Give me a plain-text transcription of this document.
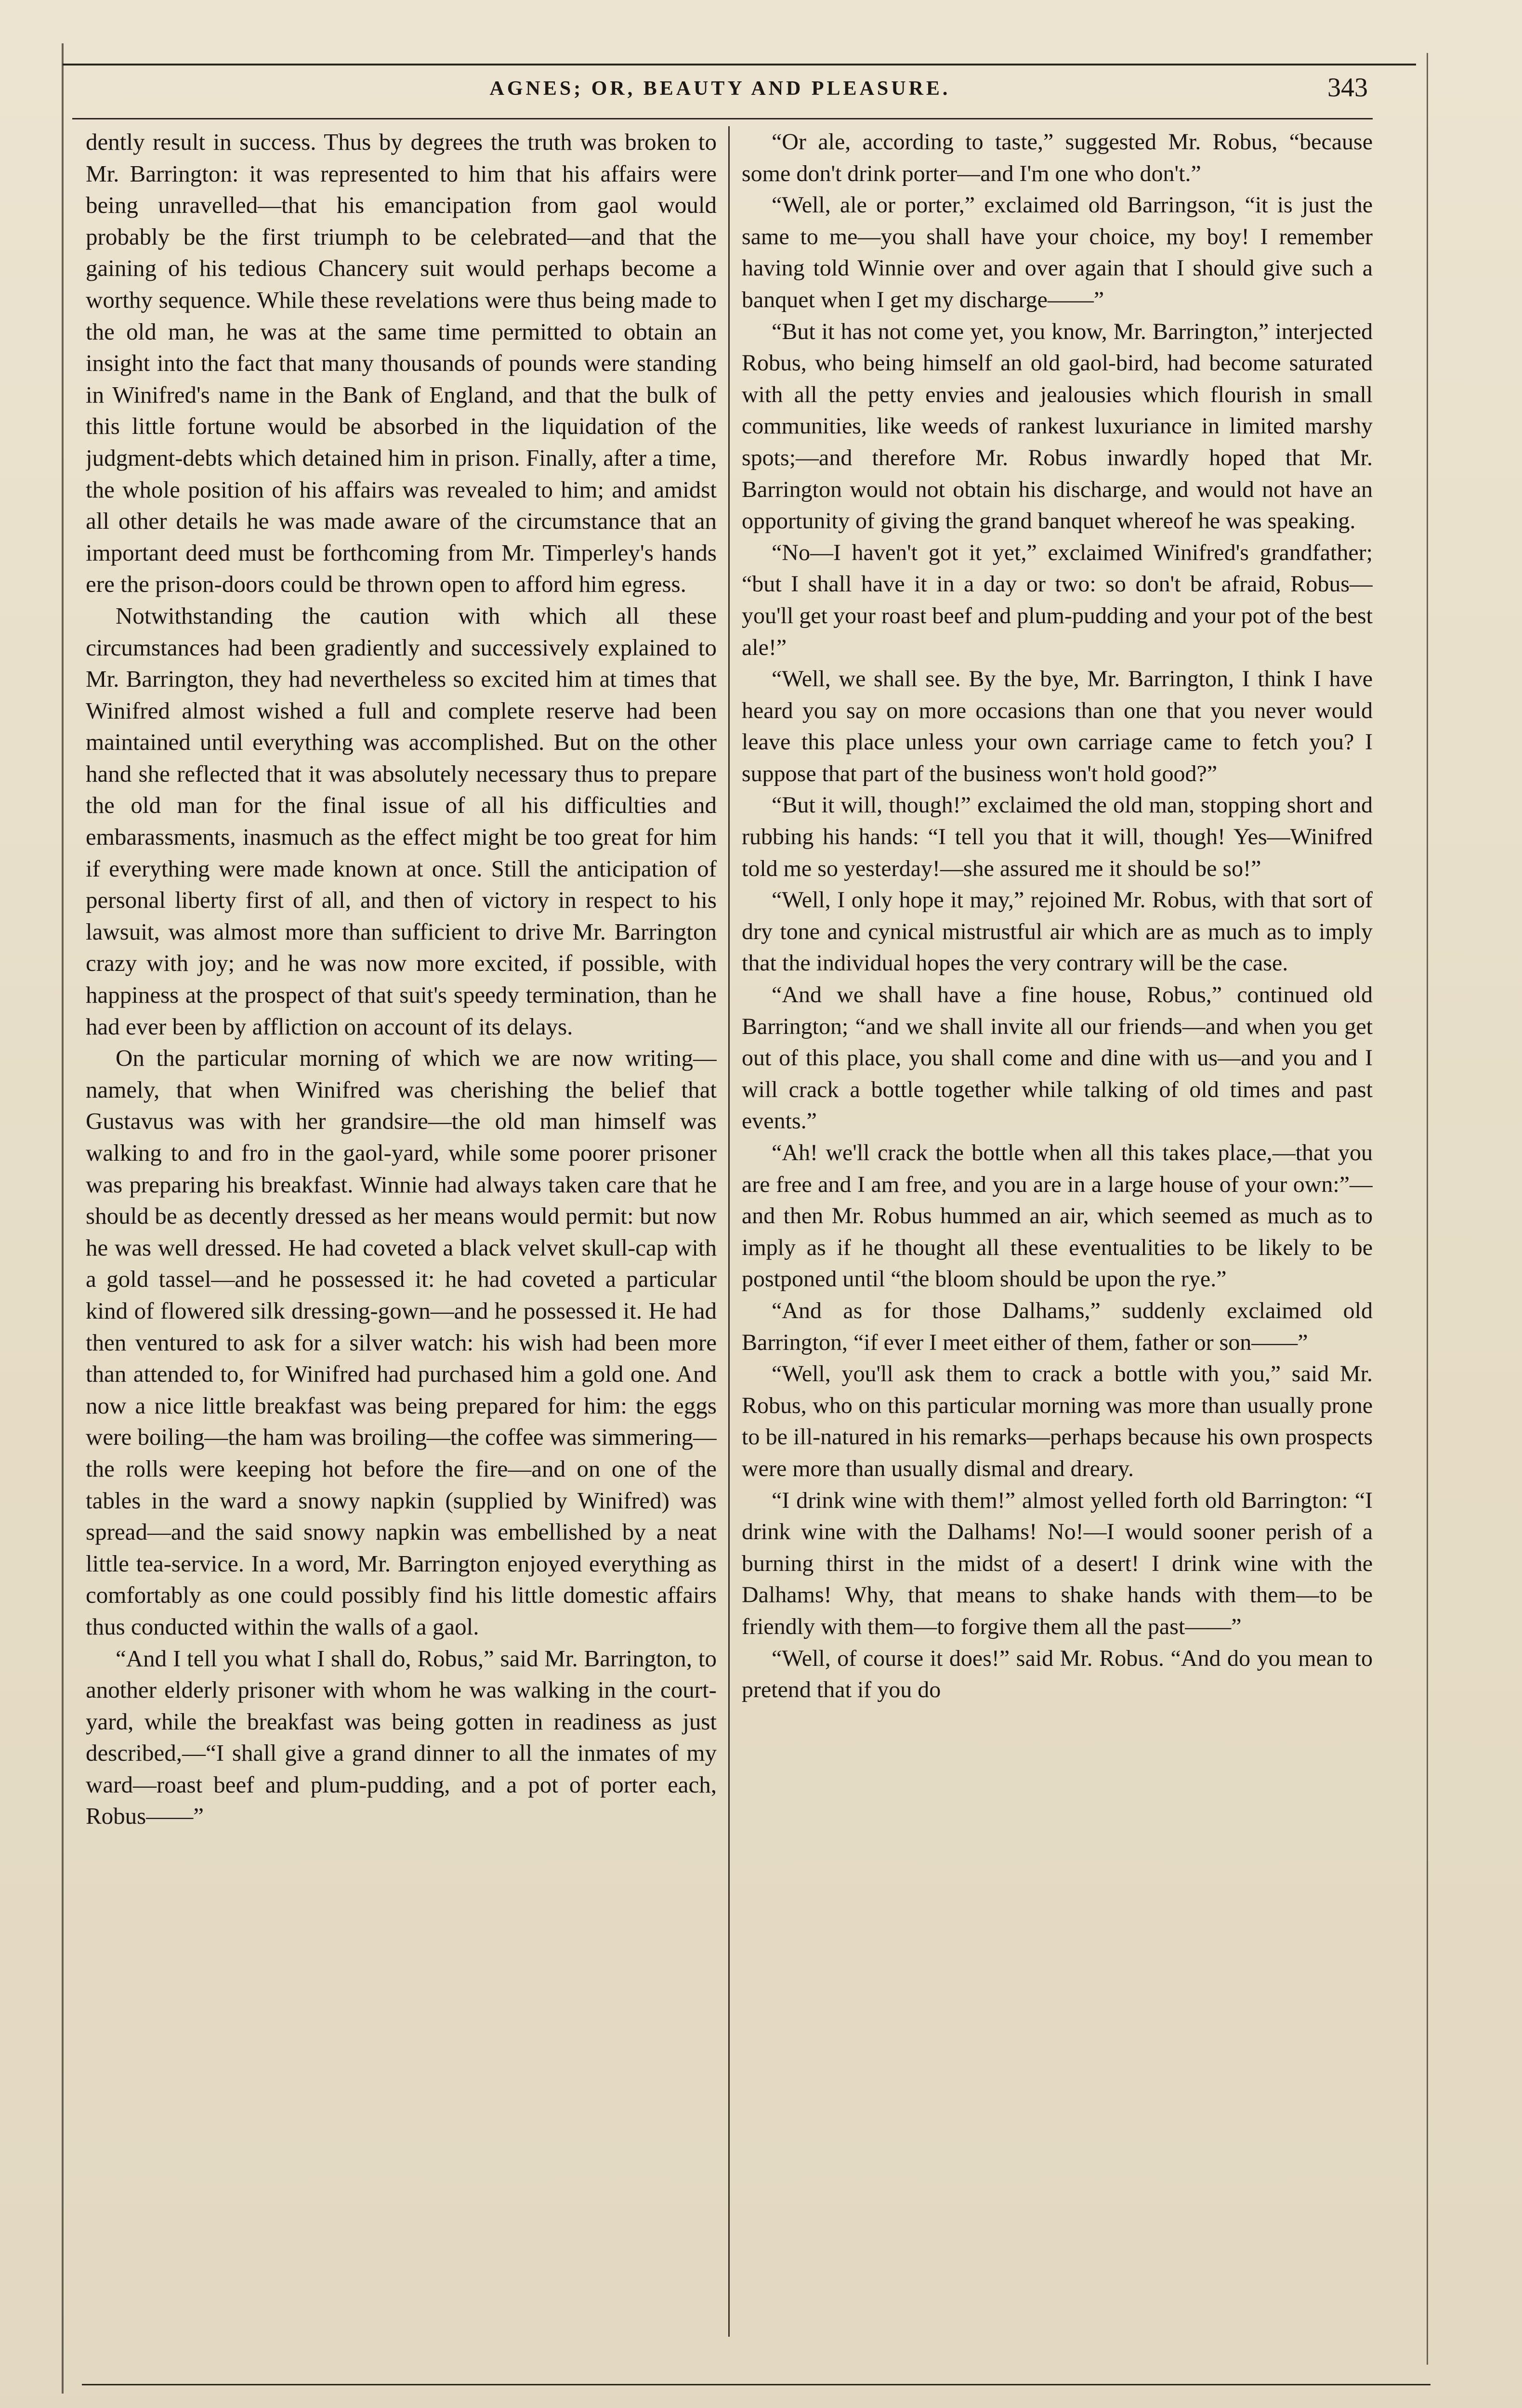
AGNES; OR, BEAUTY AND PLEASURE.	343

dently result in success. Thus by degrees the truth was broken to Mr. Barrington: it was represented to him that his affairs were being unravelled—that his emancipation from gaol would probably be the first triumph to be celebrated—and that the gaining of his tedious Chancery suit would perhaps become a worthy sequence. While these revelations were thus being made to the old man, he was at the same time permitted to obtain an insight into the fact that many thousands of pounds were standing in Winifred's name in the Bank of England, and that the bulk of this little fortune would be absorbed in the liquidation of the judgment-debts which detained him in prison. Finally, after a time, the whole position of his affairs was revealed to him; and amidst all other details he was made aware of the circumstance that an important deed must be forthcoming from Mr. Timperley's hands ere the prison-doors could be thrown open to afford him egress.

Notwithstanding the caution with which all these circumstances had been gradiently and successively explained to Mr. Barrington, they had nevertheless so excited him at times that Winifred almost wished a full and complete reserve had been maintained until everything was accomplished. But on the other hand she reflected that it was absolutely necessary thus to prepare the old man for the final issue of all his difficulties and embarassments, inasmuch as the effect might be too great for him if everything were made known at once. Still the anticipation of personal liberty first of all, and then of victory in respect to his lawsuit, was almost more than sufficient to drive Mr. Barrington crazy with joy; and he was now more excited, if possible, with happiness at the prospect of that suit's speedy termination, than he had ever been by affliction on account of its delays.

On the particular morning of which we are now writing—namely, that when Winifred was cherishing the belief that Gustavus was with her grandsire—the old man himself was walking to and fro in the gaol-yard, while some poorer prisoner was preparing his breakfast. Winnie had always taken care that he should be as decently dressed as her means would permit: but now he was well dressed. He had coveted a black velvet skull-cap with a gold tassel—and he possessed it: he had coveted a particular kind of flowered silk dressing-gown—and he possessed it. He had then ventured to ask for a silver watch: his wish had been more than attended to, for Winifred had purchased him a gold one. And now a nice little breakfast was being prepared for him: the eggs were boiling—the ham was broiling—the coffee was simmering—the rolls were keeping hot before the fire—and on one of the tables in the ward a snowy napkin (supplied by Winifred) was spread—and the said snowy napkin was embellished by a neat little tea-service. In a word, Mr. Barrington enjoyed everything as comfortably as one could possibly find his little domestic affairs thus conducted within the walls of a gaol.

“And I tell you what I shall do, Robus,” said Mr. Barrington, to another elderly prisoner with whom he was walking in the court-yard, while the breakfast was being gotten in readiness as just described,—“I shall give a grand dinner to all the inmates of my ward—roast beef and plum-pudding, and a pot of porter each, Robus——”

“Or ale, according to taste,” suggested Mr. Robus, “because some don't drink porter—and I'm one who don't.”

“Well, ale or porter,” exclaimed old Barringson, “it is just the same to me—you shall have your choice, my boy! I remember having told Winnie over and over again that I should give such a banquet when I get my discharge——”

“But it has not come yet, you know, Mr. Barrington,” interjected Robus, who being himself an old gaol-bird, had become saturated with all the petty envies and jealousies which flourish in small communities, like weeds of rankest luxuriance in limited marshy spots;—and therefore Mr. Robus inwardly hoped that Mr. Barrington would not obtain his discharge, and would not have an opportunity of giving the grand banquet whereof he was speaking.

“No—I haven't got it yet,” exclaimed Winifred's grandfather; “but I shall have it in a day or two: so don't be afraid, Robus—you'll get your roast beef and plum-pudding and your pot of the best ale!”

“Well, we shall see. By the bye, Mr. Barrington, I think I have heard you say on more occasions than one that you never would leave this place unless your own carriage came to fetch you? I suppose that part of the business won't hold good?”

“But it will, though!” exclaimed the old man, stopping short and rubbing his hands: “I tell you that it will, though! Yes—Winifred told me so yesterday!—she assured me it should be so!”

“Well, I only hope it may,” rejoined Mr. Robus, with that sort of dry tone and cynical mistrustful air which are as much as to imply that the individual hopes the very contrary will be the case.

“And we shall have a fine house, Robus,” continued old Barrington; “and we shall invite all our friends—and when you get out of this place, you shall come and dine with us—and you and I will crack a bottle together while talking of old times and past events.”

“Ah! we'll crack the bottle when all this takes place,—that you are free and I am free, and you are in a large house of your own:”—and then Mr. Robus hummed an air, which seemed as much as to imply as if he thought all these eventualities to be likely to be postponed until “the bloom should be upon the rye.”

“And as for those Dalhams,” suddenly exclaimed old Barrington, “if ever I meet either of them, father or son——”

“Well, you'll ask them to crack a bottle with you,” said Mr. Robus, who on this particular morning was more than usually prone to be ill-natured in his remarks—perhaps because his own prospects were more than usually dismal and dreary.

“I drink wine with them!” almost yelled forth old Barrington: “I drink wine with the Dalhams! No!—I would sooner perish of a burning thirst in the midst of a desert! I drink wine with the Dalhams! Why, that means to shake hands with them—to be friendly with them—to forgive them all the past——”

“Well, of course it does!” said Mr. Robus. “And do you mean to pretend that if you do
